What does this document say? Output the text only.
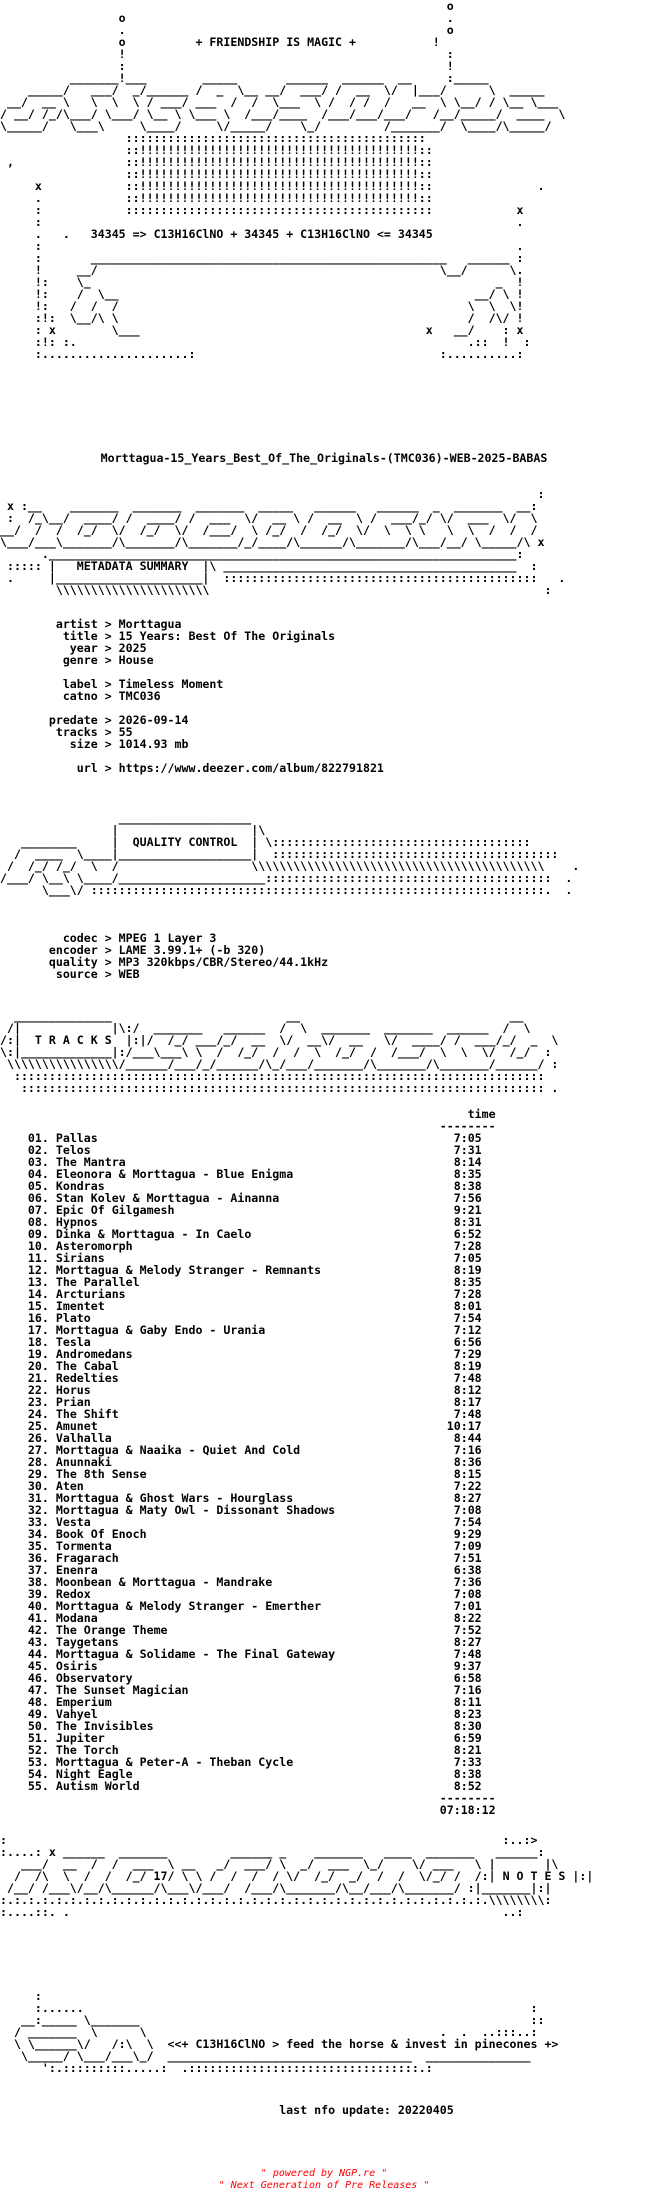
o
o                                              .
.                                              o
o	+ FRIENDSHIP IS MAGIC +	!
!                                              :
:                                              !
_______!___        _____       ______  ______  __     :_____
_____/   ___/  _/______ /  _  \__ __/  ___/ /  __  \/  |___/      \  _____
__/  __ \   \  \  \ / ___/ ___  /  /  \___  \ /  / /  /   __  \ \__/ / \__ \___
/ __/ /_/\___/ \___/ \__ \ \___ \  /___/____  /___/___/___/   /__/_____/  ____  \
\_____/   \___\     \____/     \/_____/    \_/         /_______/  \____/\_____/
:::::::::::::::::::::::::::::::::::::::::::
::!!!!!!!!!!!!!!!!!!!!!!!!!!!!!!!!!!!!!!!!::
,                ::!!!!!!!!!!!!!!!!!!!!!!!!!!!!!!!!!!!!!!!!::
::!!!!!!!!!!!!!!!!!!!!!!!!!!!!!!!!!!!!!!!!::
x            ::!!!!!!!!!!!!!!!!!!!!!!!!!!!!!!!!!!!!!!!!::               .
.            ::!!!!!!!!!!!!!!!!!!!!!!!!!!!!!!!!!!!!!!!!::
:            ::::::::::::::::::::::::::::::::::::::::::::            x
:                                                                    .
.   .   34345 => C13H16ClNO + 34345 + C13H16ClNO <= 34345
:                                                                    .
:       ___________________________________________________   ______ :
!     __/                                                 \__/      \.
!:    \_                                                          _  !
!:    /  \__                                                   __/ \ !
!:   /  /  /                                                  \  \  \!
:!:  \__/\ \                                                  /  /\/ !
: x        \___                                         x   __/    : x
:!: :.                                                        .::  !  :
:.....................:                                   :..........:

Morttagua-15_Years_Best_Of_The_Originals-(TMC036)-WEB-2025-BABAS
:
x :__    _______  _______  _______  _____   ______   ______  _  _______  __:
:  /_\__/  ____/ /  ____/ /  ___  \/  __ \ /  __  \ /  ___/_/ \/  ___  \/  \
__/  /  /  /_/  \/  /_/  \/  /___/  \ /_/  /  /_/  \/  \  \ \   \  \  /  /  /
\___/___\_______/\_______/\_______/_/____/\______/\_______/\___/__/ \_____/\ x
.___________________________________________________________________:
::::: |   METADATA SUMMARY  |\ __________________________________________  :
.     |_____________________|  :::::::::::::::::::::::::::::::::::::::::::::   .
\\\\\\\\\\\\\\\\\\\\\\                                                :

artist > Morttagua
title > 15 Years: Best Of The Originals
year > 2025
genre > House

label > Timeless Moment
catno > TMC036

predate > 2026-09-14
tracks > 55
size > 1014.93 mb

url > https://www.deezer.com/album/822791821
___________________
|                   |\
________     |  QUALITY CONTROL  | \:::::::::::::::::::::::::::::::::::::
/  ____  \____|___________________|  :::::::::::::::::::::::::::::::::::::::::
/  /_/ /_/  \  /                   \\\\\\\\\\\\\\\\\\\\\\\\\\\\\\\\\\\\\\\\\\    .
/___/ \__\ \____/_____________________:::::::::::::::::::::::::::::::::::::::::  .
\___\/ :::::::::::::::::::::::::::::::::::::::::::::::::::::::::::::::::.  .

codec > MPEG 1 Layer 3
encoder > LAME 3.99.1+ (-b 320)
quality > MP3 320kbps/CBR/Stereo/44.1kHz
source > WEB
______________                         __                              __
/|             |\:/  _______   ______  /  \  _______  _______  ______  /  \
/:|  T R A C K S  |:|/  /_/ ___/_/  __  \/  __\/  __   \/  ____/ /  ___/_/  _  \
\:|_____________|:/___\___\ \  /  /_/  /  /  \  /_/  /  /___/  \  \  \/  /_/  :
\\\\\\\\\\\\\\\\/______/___/_/______/\_/___/_______/\_______/\_______/______/ :
::::::::::::::::::::::::::::::::::::::::::::::::::::::::::::::::::::::::::::
::::::::::::::::::::::::::::::::::::::::::::::::::::::::::::::::::::::::::: .

time
--------
01. Pallas	7:05
02. Telos	7:31
03. The Mantra	8:14
04. Eleonora & Morttagua - Blue Enigma	8:35
05. Kondras	8:38
06. Stan Kolev & Morttagua - Ainanna	7:56
07. Epic Of Gilgamesh	9:21
08. Hypnos	8:31
09. Dinka & Morttagua - In Caelo	6:52
10. Asteromorph	7:28
11. Sirians	7:05
12. Morttagua & Melody Stranger - Remnants	8:19
13. The Parallel	8:35
14. Arcturians	7:28
15. Imentet	8:01
16. Plato	7:54
17. Morttagua & Gaby Endo - Urania	7:12
18. Tesla	6:56
19. Andromedans	7:29
20. The Cabal	8:19
21. Redelties	7:48
22. Horus	8:12
23. Prian	8:17
24. The Shift	7:48
25. Amunet	10:17
26. Valhalla	8:44
27. Morttagua & Naaika - Quiet And Cold	7:16
28. Anunnaki	8:36
29. The 8th Sense	8:15
30. Aten	7:22
31. Morttagua & Ghost Wars - Hourglass	8:27
32. Morttagua & Maty Owl - Dissonant Shadows	7:08
33. Vesta	7:54
34. Book Of Enoch	9:29
35. Tormenta	7:09
36. Fragarach	7:51
37. Enenra	6:38
38. Moonbean & Morttagua - Mandrake	7:36
39. Redox	7:08
40. Morttagua & Melody Stranger - Emerther	7:01
41. Modana	8:22
42. The Orange Theme	7:52
43. Taygetans	8:27
44. Morttagua & Solidame - The Final Gateway	7:48
45. Osiris	9:37
46. Observatory	6:58
47. The Sunset Magician	7:16
48. Emperium	8:11
49. Vahyel	8:23
50. The Invisibles	8:30
51. Jupiter	6:59
52. The Torch	8:21
53. Morttagua & Peter-A - Theban Cycle	7:33
54. Night Eagle	8:38
55. Autism World	8:52
--------
07:18:12
:                                                                       :..:>
:....: x ______  _______         ______ _    _______   ____  _______   ______:
___/  __  /  /  ___  \ __   _/  ___/ \  _/  ___  \_/    \/ ___   \ |       |\
/  /\  \  /  /  /_/ 17/ \ \ /  /  /  / \/  /_/  _/  /  /  \/_/ /  /:| N O T E S |:|
/__/ /___\/__/\______/\___\/___/  /___/\_______/\__/___/\_______/ :|_______|:|
:.:.:.:.:.:.:.:.:.:.:.:.:.:.:.:.:.:.:.:.:.:.:.:.:.:.:.:.:.:.:.:.:.:.:.\\\\\\\\:
:....::. .                                                              ..:

:
:......                                                                :
__:_____ \_______                                                        ::
/ _______  \      \                                          .  .  ..:::..:
\ \______\/   /:\  \  <<+ C13H16ClNO > feed the horse & invest in pinecones +>
\_____/ \___/___\_/  ___________________________________  _______________
':.:::::::::.....:  .:::::::::::::::::::::::::::::::::.:

last nfo update: 20220405
" powered by NGP.re "
" Next Generation of Pre Releases "
